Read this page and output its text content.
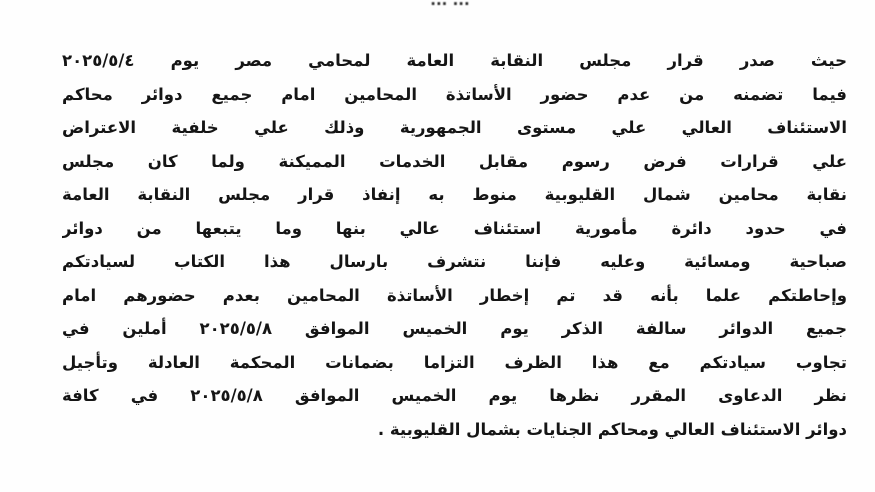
... ...
حيث صدر قرار مجلس النقابة العامة لمحامي مصر يوم ٢٠٢٥/٥/٤
فيما تضمنه من عدم حضور الأساتذة المحامين امام جميع دوائر محاكم
الاستئناف العالي علي مستوى الجمهورية وذلك علي خلفية الاعتراض
علي قرارات فرض رسوم مقابل الخدمات المميكنة ولما كان مجلس
نقابة محامين شمال القليوبية منوط به إنفاذ قرار مجلس النقابة العامة
في حدود دائرة مأمورية استئناف عالي بنها وما يتبعها من دوائر
صباحية ومسائية وعليه فإننا نتشرف بارسال هذا الكتاب لسيادتكم
وإحاطتكم علما بأنه قد تم إخطار الأساتذة المحامين بعدم حضورهم امام
جميع الدوائر سالفة الذكر يوم الخميس الموافق ٢٠٢٥/٥/٨ أملين في
تجاوب سيادتكم مع هذا الظرف التزاما بضمانات المحكمة العادلة وتأجيل
نظر الدعاوى المقرر نظرها يوم الخميس الموافق ٢٠٢٥/٥/٨ في كافة
دوائر الاستئناف العالي ومحاكم الجنايات بشمال القليوبية .
